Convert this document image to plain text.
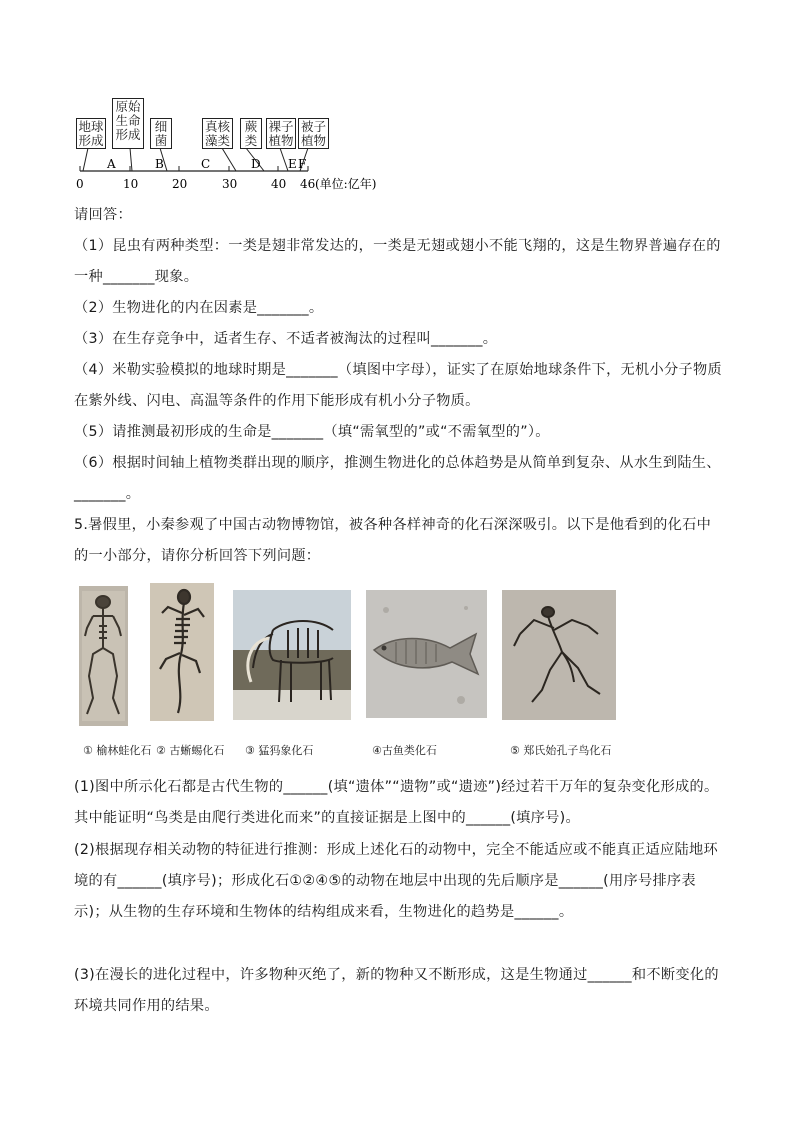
A	B	C	D E F
0	10	20	30	40 46 (单位:亿年)
地球
形成
原始
生命
形成
细
菌
真核
藻类
蕨
类
裸子
植物
被子
植物
请回答：
（1）昆虫有两种类型：一类是翅非常发达的，一类是无翅或翅小不能飞翔的，这是生物界普遍存在的一种_______现象。
（2）生物进化的内在因素是_______。
（3）在生存竞争中，适者生存、不适者被淘汰的过程叫_______。
（4）米勒实验模拟的地球时期是_______（填图中字母），证实了在原始地球条件下，无机小分子物质在紫外线、闪电、高温等条件的作用下能形成有机小分子物质。
（5）请推测最初形成的生命是_______（填“需氧型的”或“不需氧型的”）。
（6）根据时间轴上植物类群出现的顺序，推测生物进化的总体趋势是从简单到复杂、从水生到陆生、_______。
5.暑假里，小秦参观了中国古动物博物馆，被各种各样神奇的化石深深吸引。以下是他看到的化石中的一小部分，请你分析回答下列问题：
① 榆林蛙化石 ② 古蜥蜴化石 ③ 猛犸象化石	④古鱼类化石	⑤ 郑氏始孔子鸟化石
(1)图中所示化石都是古代生物的______(填“遗体”“遗物”或“遗迹”)经过若干万年的复杂变化形成的。其中能证明“鸟类是由爬行类进化而来”的直接证据是上图中的______(填序号)。
(2)根据现存相关动物的特征进行推测：形成上述化石的动物中，完全不能适应或不能真正适应陆地环境的有______(填序号)；形成化石①②④⑤的动物在地层中出现的先后顺序是______(用序号排序表示)；从生物的生存环境和生物体的结构组成来看，生物进化的趋势是______。
(3)在漫长的进化过程中，许多物种灭绝了，新的物种又不断形成，这是生物通过______和不断变化的环境共同作用的结果。
